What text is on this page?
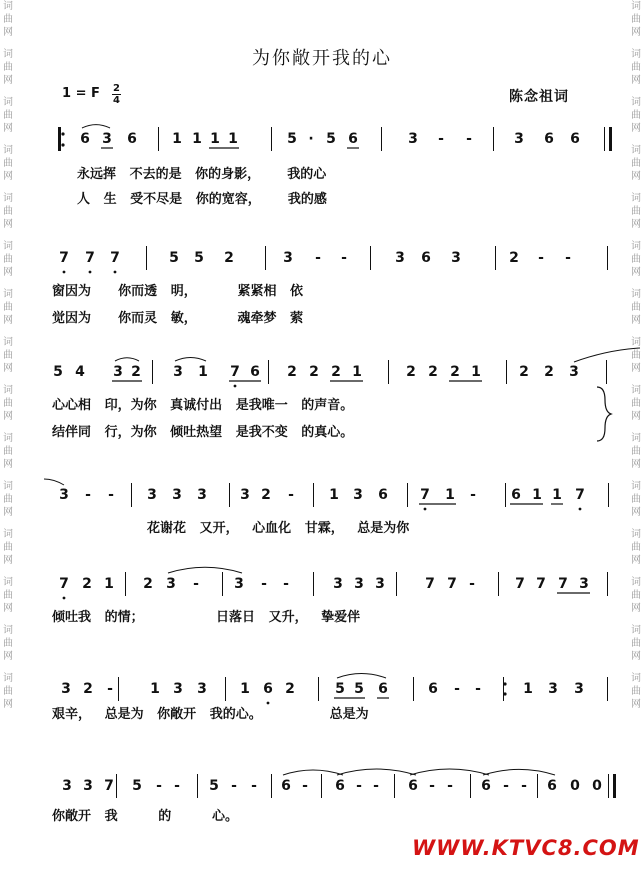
词
曲
网
词
曲
网
词
曲
网
词
曲
网
词
曲
网
词
曲
网
词
曲
网
词
曲
网
词
曲
网
词
曲
网
词
曲
网
词
曲
网
词
曲
网
词
曲
网
词
曲
网
词
曲
网
词
曲
网
词
曲
网
词
曲
网
词
曲
网
词
曲
网
词
曲
网
词
曲
网
词
曲
网
词
曲
网
词
曲
网
词
曲
网
词
曲
网
词
曲
网
词
曲
网
为你敞开我的心
1 = F 2
4	陈念祖词
6 3 6	1 1 1 1	5 · 5 6	3 - -	3 6 6
永远挥   不去的是   你的身影，      我的心
人   生   受不尽是   你的宽容，      我的感
7 7 7	5 5 2	3 - -	3 6 3	2 - -
窗因为      你而透   明，         紧紧相   依
觉因为      你而灵   敏，         魂牵梦   萦
5 4 3 2 3 1 7 6 2 2 2 1	2 2 2 1	2 2 3
心心相   印，为你   真诚付出   是我唯一   的声音。
结伴同   行，为你   倾吐热望   是我不变   的真心。
3 - - 3 3 3 3 2 -	1 3 6 7 1 -	6 1 1 7
花谢花   又开，   心血化   甘霖，   总是为你
7 2 1 2 3 -	3 - -	3 3 3	7 7 -	7 7 7 3
倾吐我   的情；                日落日   又升，   挚爱伴
3 2 -	1 3 3 1 6 2	5 5 6	6 - -	1 3 3
艰辛，   总是为   你敞开   我的心。               总是为
3 3 7 5 - - 5 - - 6 - 6 - - 6 - - 6 - - 6 0 0
你敞开   我         的         心。
WWW.KTVC8.COM
